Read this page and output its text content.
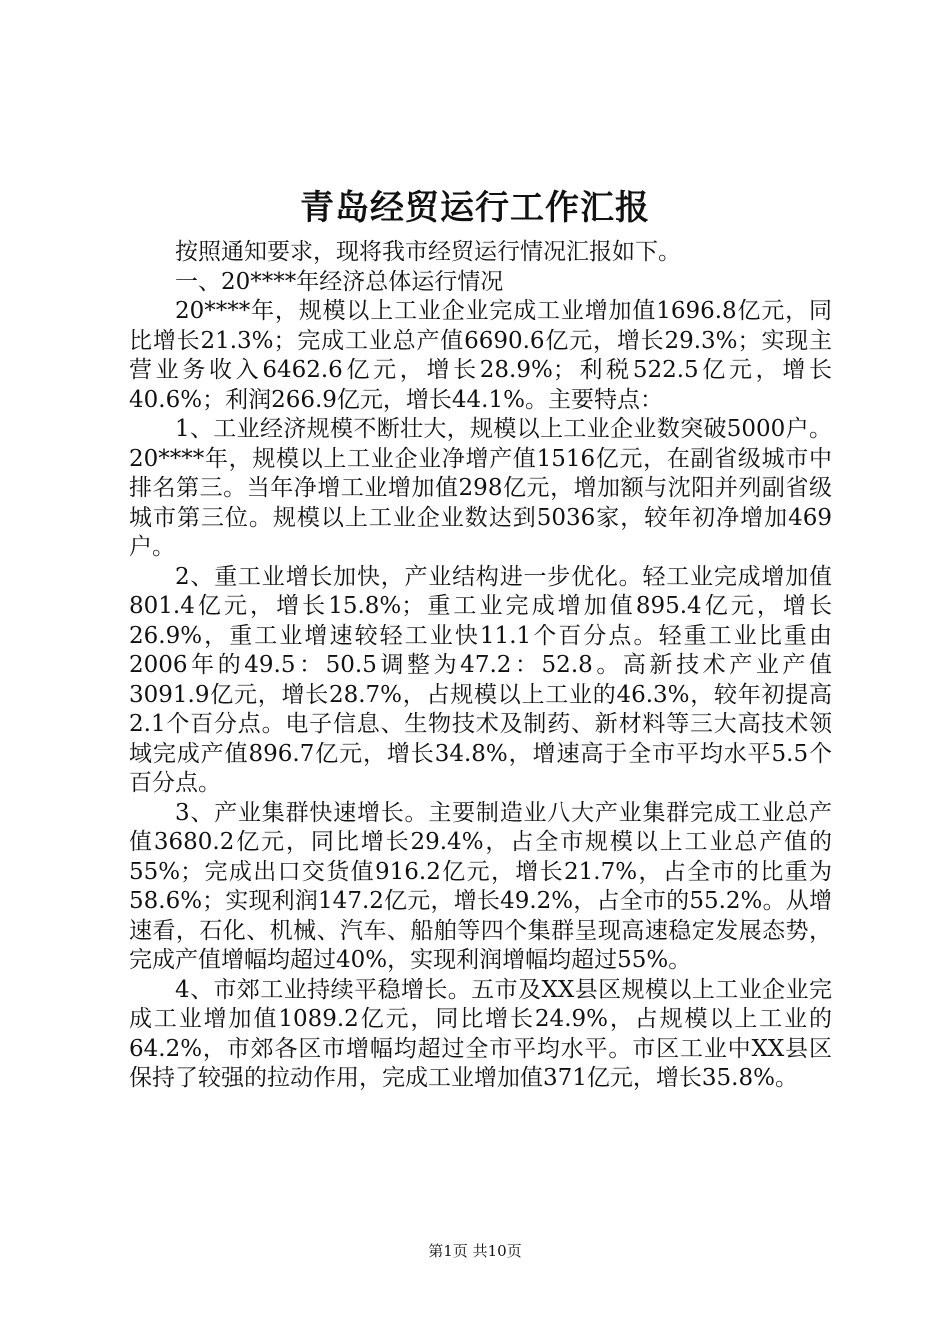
青岛经贸运行工作汇报

按照通知要求，现将我市经贸运行情况汇报如下。

一、20****年经济总体运行情况

20****年，规模以上工业企业完成工业增加值1696.8亿元，同比增长21.3%；完成工业总产值6690.6亿元，增长29.3%；实现主营业务收入6462.6亿元，增长28.9%；利税522.5亿元，增长40.6%；利润266.9亿元，增长44.1%。主要特点：

1、工业经济规模不断壮大，规模以上工业企业数突破5000户。20****年，规模以上工业企业净增产值1516亿元，在副省级城市中排名第三。当年净增工业增加值298亿元，增加额与沈阳并列副省级城市第三位。规模以上工业企业数达到5036家，较年初净增加469户。

2、重工业增长加快，产业结构进一步优化。轻工业完成增加值801.4亿元，增长15.8%；重工业完成增加值895.4亿元，增长26.9%，重工业增速较轻工业快11.1个百分点。轻重工业比重由2006年的49.5：50.5调整为47.2：52.8。高新技术产业产值3091.9亿元，增长28.7%，占规模以上工业的46.3%，较年初提高2.1个百分点。电子信息、生物技术及制药、新材料等三大高技术领域完成产值896.7亿元，增长34.8%，增速高于全市平均水平5.5个百分点。

3、产业集群快速增长。主要制造业八大产业集群完成工业总产值3680.2亿元，同比增长29.4%，占全市规模以上工业总产值的55%；完成出口交货值916.2亿元，增长21.7%，占全市的比重为58.6%；实现利润147.2亿元，增长49.2%，占全市的55.2%。从增速看，石化、机械、汽车、船舶等四个集群呈现高速稳定发展态势，完成产值增幅均超过40%，实现利润增幅均超过55%。

4、市郊工业持续平稳增长。五市及XX县区规模以上工业企业完成工业增加值1089.2亿元，同比增长24.9%，占规模以上工业的64.2%，市郊各区市增幅均超过全市平均水平。市区工业中XX县区保持了较强的拉动作用，完成工业增加值371亿元，增长35.8%。

第1页 共10页
